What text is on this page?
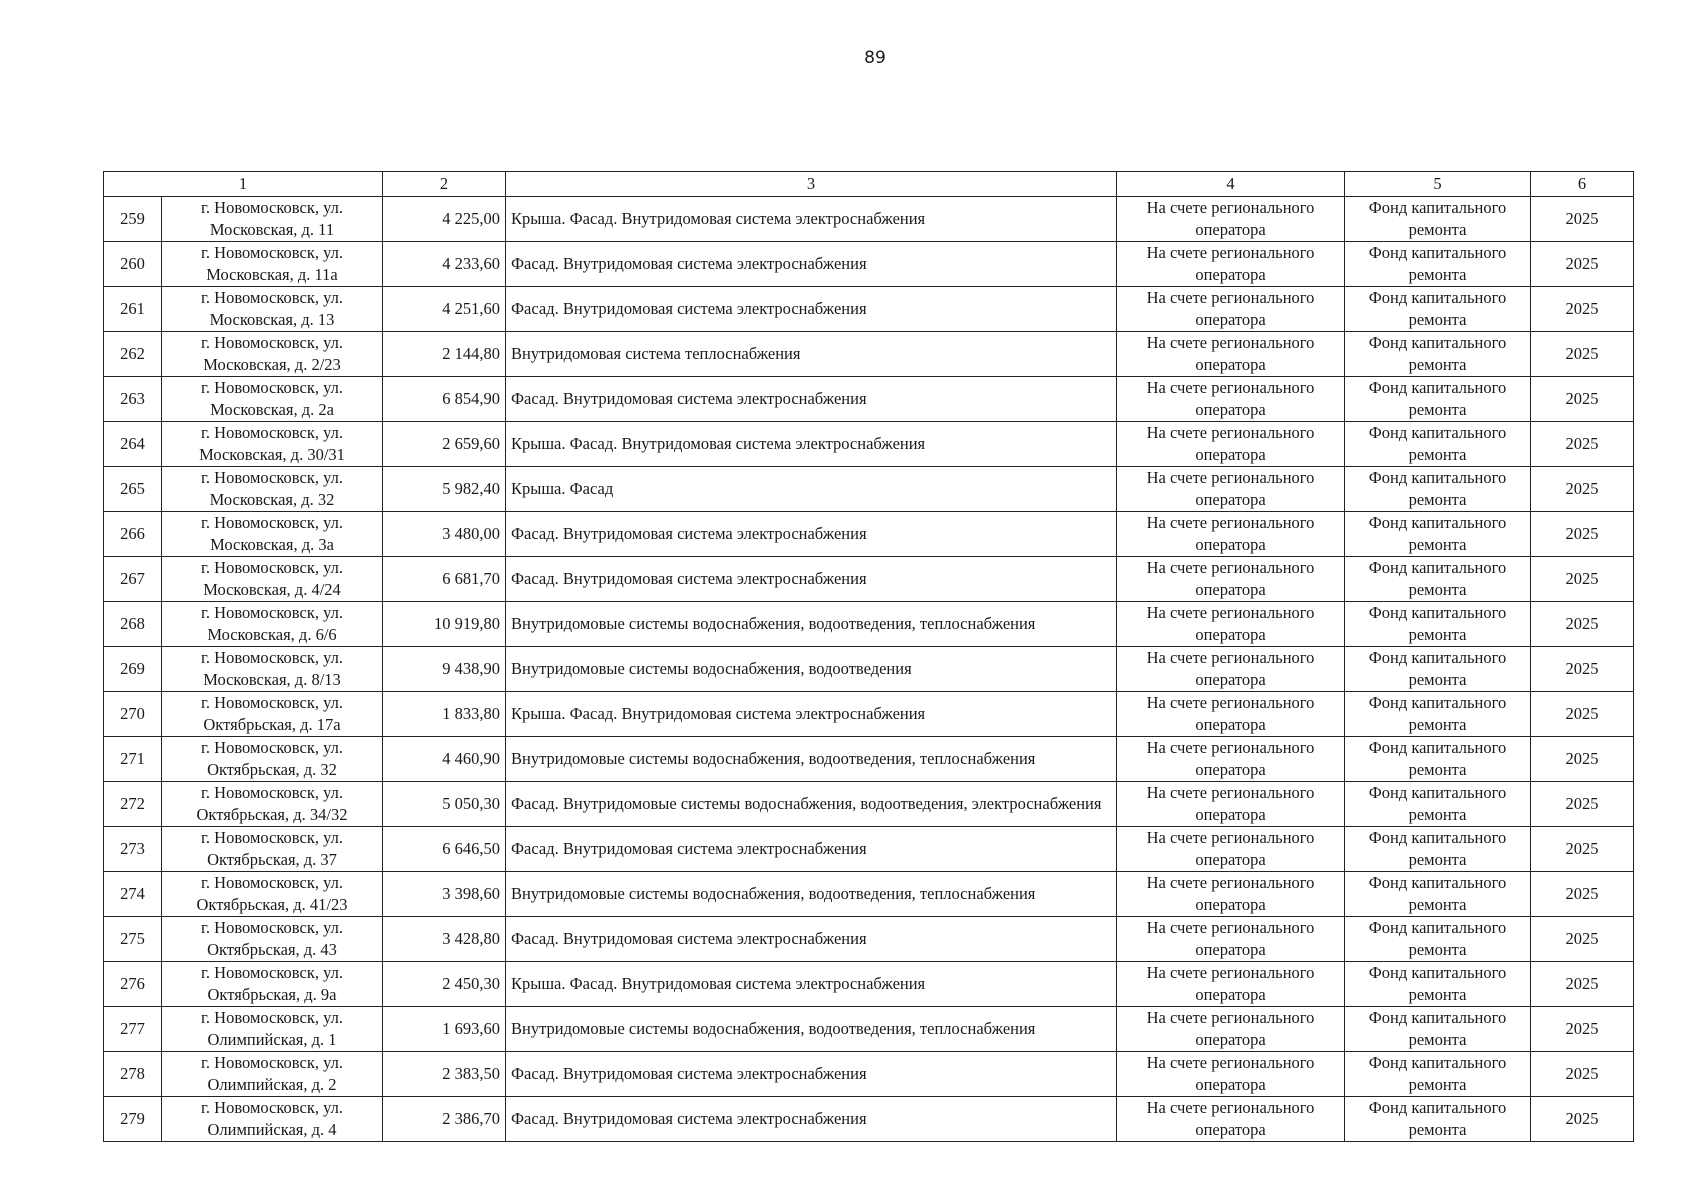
89
1		2	3	4	5	6
259	г. Новомосковск, ул. Московская, д. 11	4 225,00	Крыша. Фасад. Внутридомовая система электроснабжения	На счете регионального оператора	Фонд капитального ремонта	2025
260	г. Новомосковск, ул. Московская, д. 11а	4 233,60	Фасад. Внутридомовая система электроснабжения	На счете регионального оператора	Фонд капитального ремонта	2025
261	г. Новомосковск, ул. Московская, д. 13	4 251,60	Фасад. Внутридомовая система электроснабжения	На счете регионального оператора	Фонд капитального ремонта	2025
262	г. Новомосковск, ул. Московская, д. 2/23	2 144,80	Внутридомовая система теплоснабжения	На счете регионального оператора	Фонд капитального ремонта	2025
263	г. Новомосковск, ул. Московская, д. 2а	6 854,90	Фасад. Внутридомовая система электроснабжения	На счете регионального оператора	Фонд капитального ремонта	2025
264	г. Новомосковск, ул. Московская, д. 30/31	2 659,60	Крыша. Фасад. Внутридомовая система электроснабжения	На счете регионального оператора	Фонд капитального ремонта	2025
265	г. Новомосковск, ул. Московская, д. 32	5 982,40	Крыша. Фасад	На счете регионального оператора	Фонд капитального ремонта	2025
266	г. Новомосковск, ул. Московская, д. 3а	3 480,00	Фасад. Внутридомовая система электроснабжения	На счете регионального оператора	Фонд капитального ремонта	2025
267	г. Новомосковск, ул. Московская, д. 4/24	6 681,70	Фасад. Внутридомовая система электроснабжения	На счете регионального оператора	Фонд капитального ремонта	2025
268	г. Новомосковск, ул. Московская, д. 6/6	10 919,80	Внутридомовые системы водоснабжения, водоотведения, теплоснабжения	На счете регионального оператора	Фонд капитального ремонта	2025
269	г. Новомосковск, ул. Московская, д. 8/13	9 438,90	Внутридомовые системы водоснабжения, водоотведения	На счете регионального оператора	Фонд капитального ремонта	2025
270	г. Новомосковск, ул. Октябрьская, д. 17а	1 833,80	Крыша. Фасад. Внутридомовая система электроснабжения	На счете регионального оператора	Фонд капитального ремонта	2025
271	г. Новомосковск, ул. Октябрьская, д. 32	4 460,90	Внутридомовые системы водоснабжения, водоотведения, теплоснабжения	На счете регионального оператора	Фонд капитального ремонта	2025
272	г. Новомосковск, ул. Октябрьская, д. 34/32	5 050,30	Фасад. Внутридомовые системы водоснабжения, водоотведения, электроснабжения	На счете регионального оператора	Фонд капитального ремонта	2025
273	г. Новомосковск, ул. Октябрьская, д. 37	6 646,50	Фасад. Внутридомовая система электроснабжения	На счете регионального оператора	Фонд капитального ремонта	2025
274	г. Новомосковск, ул. Октябрьская, д. 41/23	3 398,60	Внутридомовые системы водоснабжения, водоотведения, теплоснабжения	На счете регионального оператора	Фонд капитального ремонта	2025
275	г. Новомосковск, ул. Октябрьская, д. 43	3 428,80	Фасад. Внутридомовая система электроснабжения	На счете регионального оператора	Фонд капитального ремонта	2025
276	г. Новомосковск, ул. Октябрьская, д. 9а	2 450,30	Крыша. Фасад. Внутридомовая система электроснабжения	На счете регионального оператора	Фонд капитального ремонта	2025
277	г. Новомосковск, ул. Олимпийская, д. 1	1 693,60	Внутридомовые системы водоснабжения, водоотведения, теплоснабжения	На счете регионального оператора	Фонд капитального ремонта	2025
278	г. Новомосковск, ул. Олимпийская, д. 2	2 383,50	Фасад. Внутридомовая система электроснабжения	На счете регионального оператора	Фонд капитального ремонта	2025
279	г. Новомосковск, ул. Олимпийская, д. 4	2 386,70	Фасад. Внутридомовая система электроснабжения	На счете регионального оператора	Фонд капитального ремонта	2025
